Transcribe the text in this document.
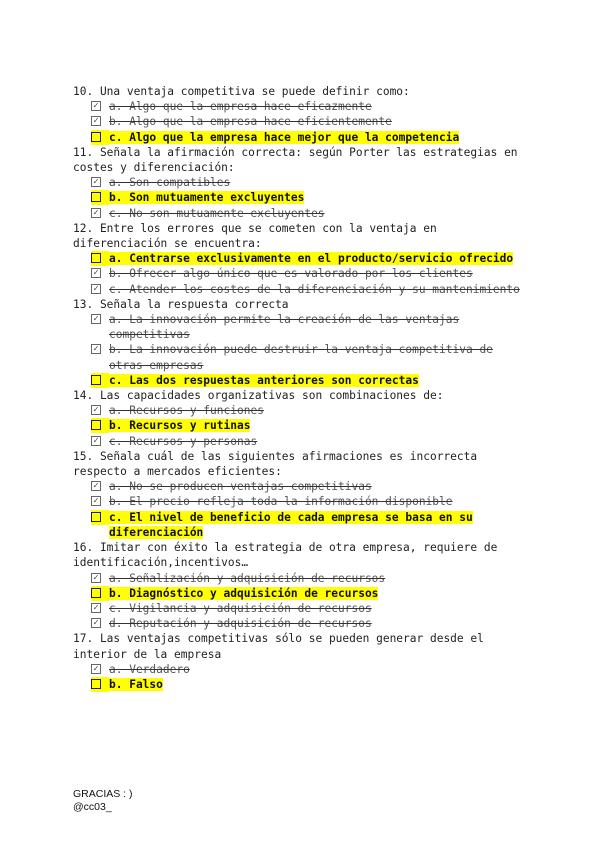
10. Una ventaja competitiva se puede definir como:
✓
a. Algo que la empresa hace eficazmente
✓
b. Algo que la empresa hace eficientemente
c. Algo que la empresa hace mejor que la competencia
11. Señala la afirmación correcta: según Porter las estrategias en costes y diferenciación:
✓
a. Son compatibles
b. Son mutuamente excluyentes
✓
c. No son mutuamente excluyentes
12. Entre los errores que se cometen con la ventaja en diferenciación se encuentra:
a. Centrarse exclusivamente en el producto/servicio ofrecido
✓
b. Ofrecer algo único que es valorado por los clientes
✓
c. Atender los costes de la diferenciación y su mantenimiento
13. Señala la respuesta correcta
✓
a. La innovación permite la creación de las ventajas competitivas
✓
b. La innovación puede destruir la ventaja competitiva de otras empresas
c. Las dos respuestas anteriores son correctas
14. Las capacidades organizativas son combinaciones de:
✓
a. Recursos y funciones
b. Recursos y rutinas
✓
c. Recursos y personas
15. Señala cuál de las siguientes afirmaciones es incorrecta respecto a mercados eficientes:
✓
a. No se producen ventajas competitivas
✓
b. El precio refleja toda la información disponible
c. El nivel de beneficio de cada empresa se basa en su diferenciación
16. Imitar con éxito la estrategia de otra empresa, requiere de identificación,incentivos…
✓
a. Señalización y adquisición de recursos
b. Diagnóstico y adquisición de recursos
✓
c. Vigilancia y adquisición de recursos
✓
d. Reputación y adquisición de recursos
17. Las ventajas competitivas sólo se pueden generar desde el interior de la empresa
✓
a. Verdadero
b. Falso
GRACIAS : )
@cc03_
